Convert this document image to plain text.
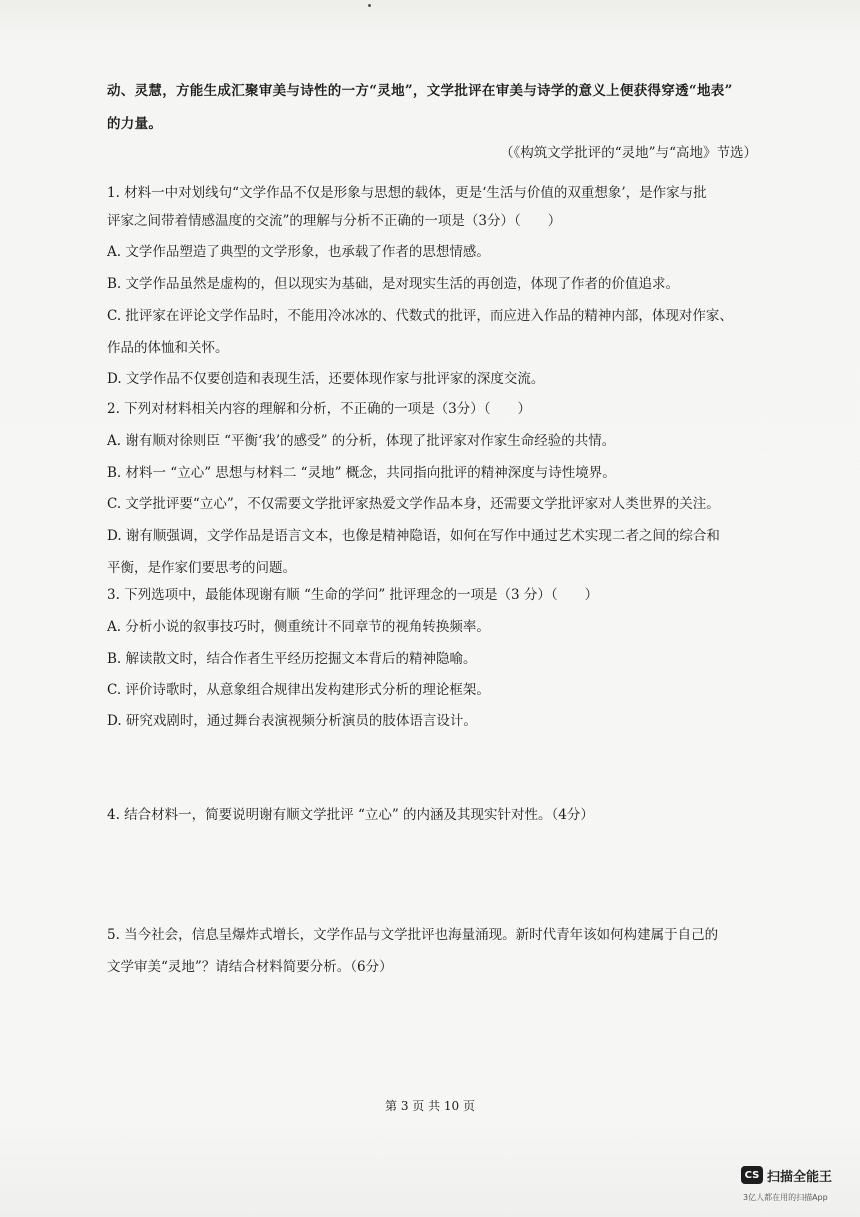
动、灵慧，方能生成汇聚审美与诗性的一方“灵地”，文学批评在审美与诗学的意义上便获得穿透“地表”
的力量。
（《构筑文学批评的“灵地”与“高地》节选）
1. 材料一中对划线句“文学作品不仅是形象与思想的载体，更是‘生活与价值的双重想象’，是作家与批
评家之间带着情感温度的交流”的理解与分析不正确的一项是（3分）（　　）
A. 文学作品塑造了典型的文学形象，也承载了作者的思想情感。
B. 文学作品虽然是虚构的，但以现实为基础，是对现实生活的再创造，体现了作者的价值追求。
C. 批评家在评论文学作品时，不能用冷冰冰的、代数式的批评，而应进入作品的精神内部，体现对作家、
作品的体恤和关怀。
D. 文学作品不仅要创造和表现生活，还要体现作家与批评家的深度交流。
2. 下列对材料相关内容的理解和分析，不正确的一项是（3分）（　　）
A. 谢有顺对徐则臣 “平衡‘我’的感受” 的分析，体现了批评家对作家生命经验的共情。
B. 材料一 “立心” 思想与材料二 “灵地” 概念，共同指向批评的精神深度与诗性境界。
C. 文学批评要“立心”，不仅需要文学批评家热爱文学作品本身，还需要文学批评家对人类世界的关注。
D. 谢有顺强调，文学作品是语言文本，也像是精神隐语，如何在写作中通过艺术实现二者之间的综合和
平衡，是作家们要思考的问题。
3. 下列选项中，最能体现谢有顺 “生命的学问” 批评理念的一项是（3 分）（　　）
A. 分析小说的叙事技巧时，侧重统计不同章节的视角转换频率。
B. 解读散文时，结合作者生平经历挖掘文本背后的精神隐喻。
C. 评价诗歌时，从意象组合规律出发构建形式分析的理论框架。
D. 研究戏剧时，通过舞台表演视频分析演员的肢体语言设计。
4. 结合材料一，简要说明谢有顺文学批评 “立心” 的内涵及其现实针对性。（4分）
5. 当今社会，信息呈爆炸式增长，文学作品与文学批评也海量涌现。新时代青年该如何构建属于自己的
文学审美“灵地”？请结合材料简要分析。（6分）
第 3 页 共 10 页
CS 扫描全能王
3亿人都在用的扫描App
